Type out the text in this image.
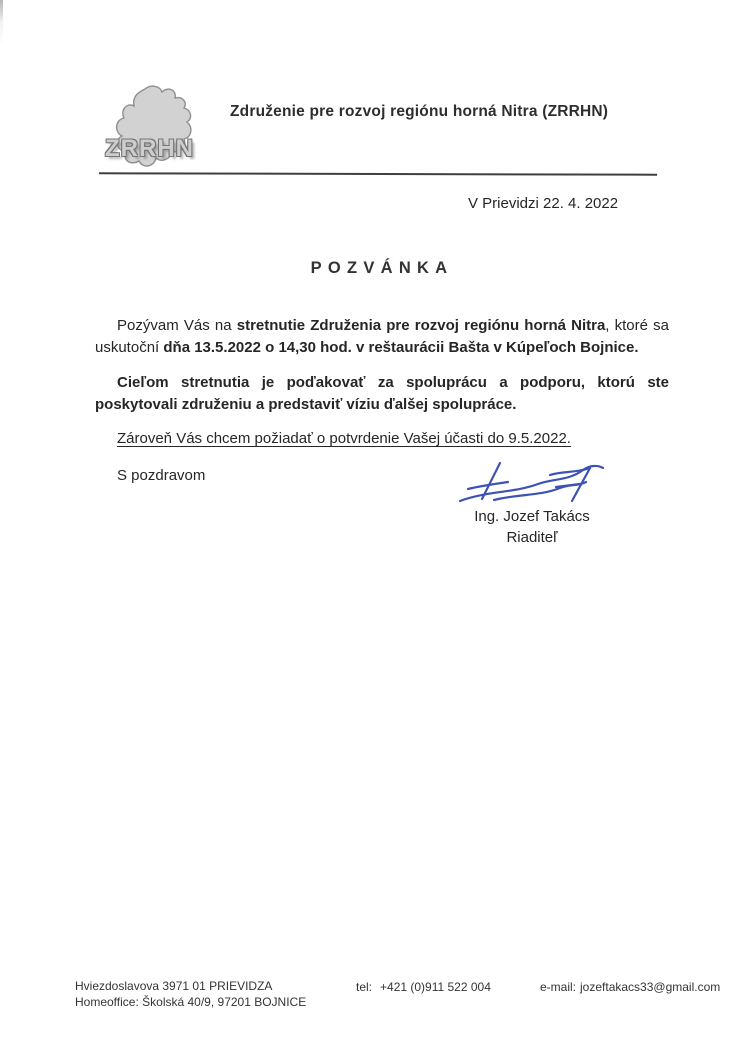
ZRRHN
Združenie pre rozvoj regiónu horná Nitra (ZRRHN)
V Prievidzi 22. 4. 2022
POZVÁNKA

Pozývam Vás na stretnutie Združenia pre rozvoj regiónu horná Nitra, ktoré sa uskutoční dňa 13.5.2022 o 14,30 hod. v reštaurácii Bašta v Kúpeľoch Bojnice.

Cieľom stretnutia je poďakovať za spoluprácu a podporu, ktorú ste poskytovali združeniu a predstaviť víziu ďalšej spolupráce.

Zároveň Vás chcem požiadať o potvrdenie Vašej účasti do 9.5.2022.
S pozdravom
Ing. Jozef Takács
Riaditeľ
Hviezdoslavova 3971 01 PRIEVIDZA
Homeoffice: Školská 40/9, 97201 BOJNICE
tel: +421 (0)911 522 004	e-mail: jozeftakacs33@gmail.com
